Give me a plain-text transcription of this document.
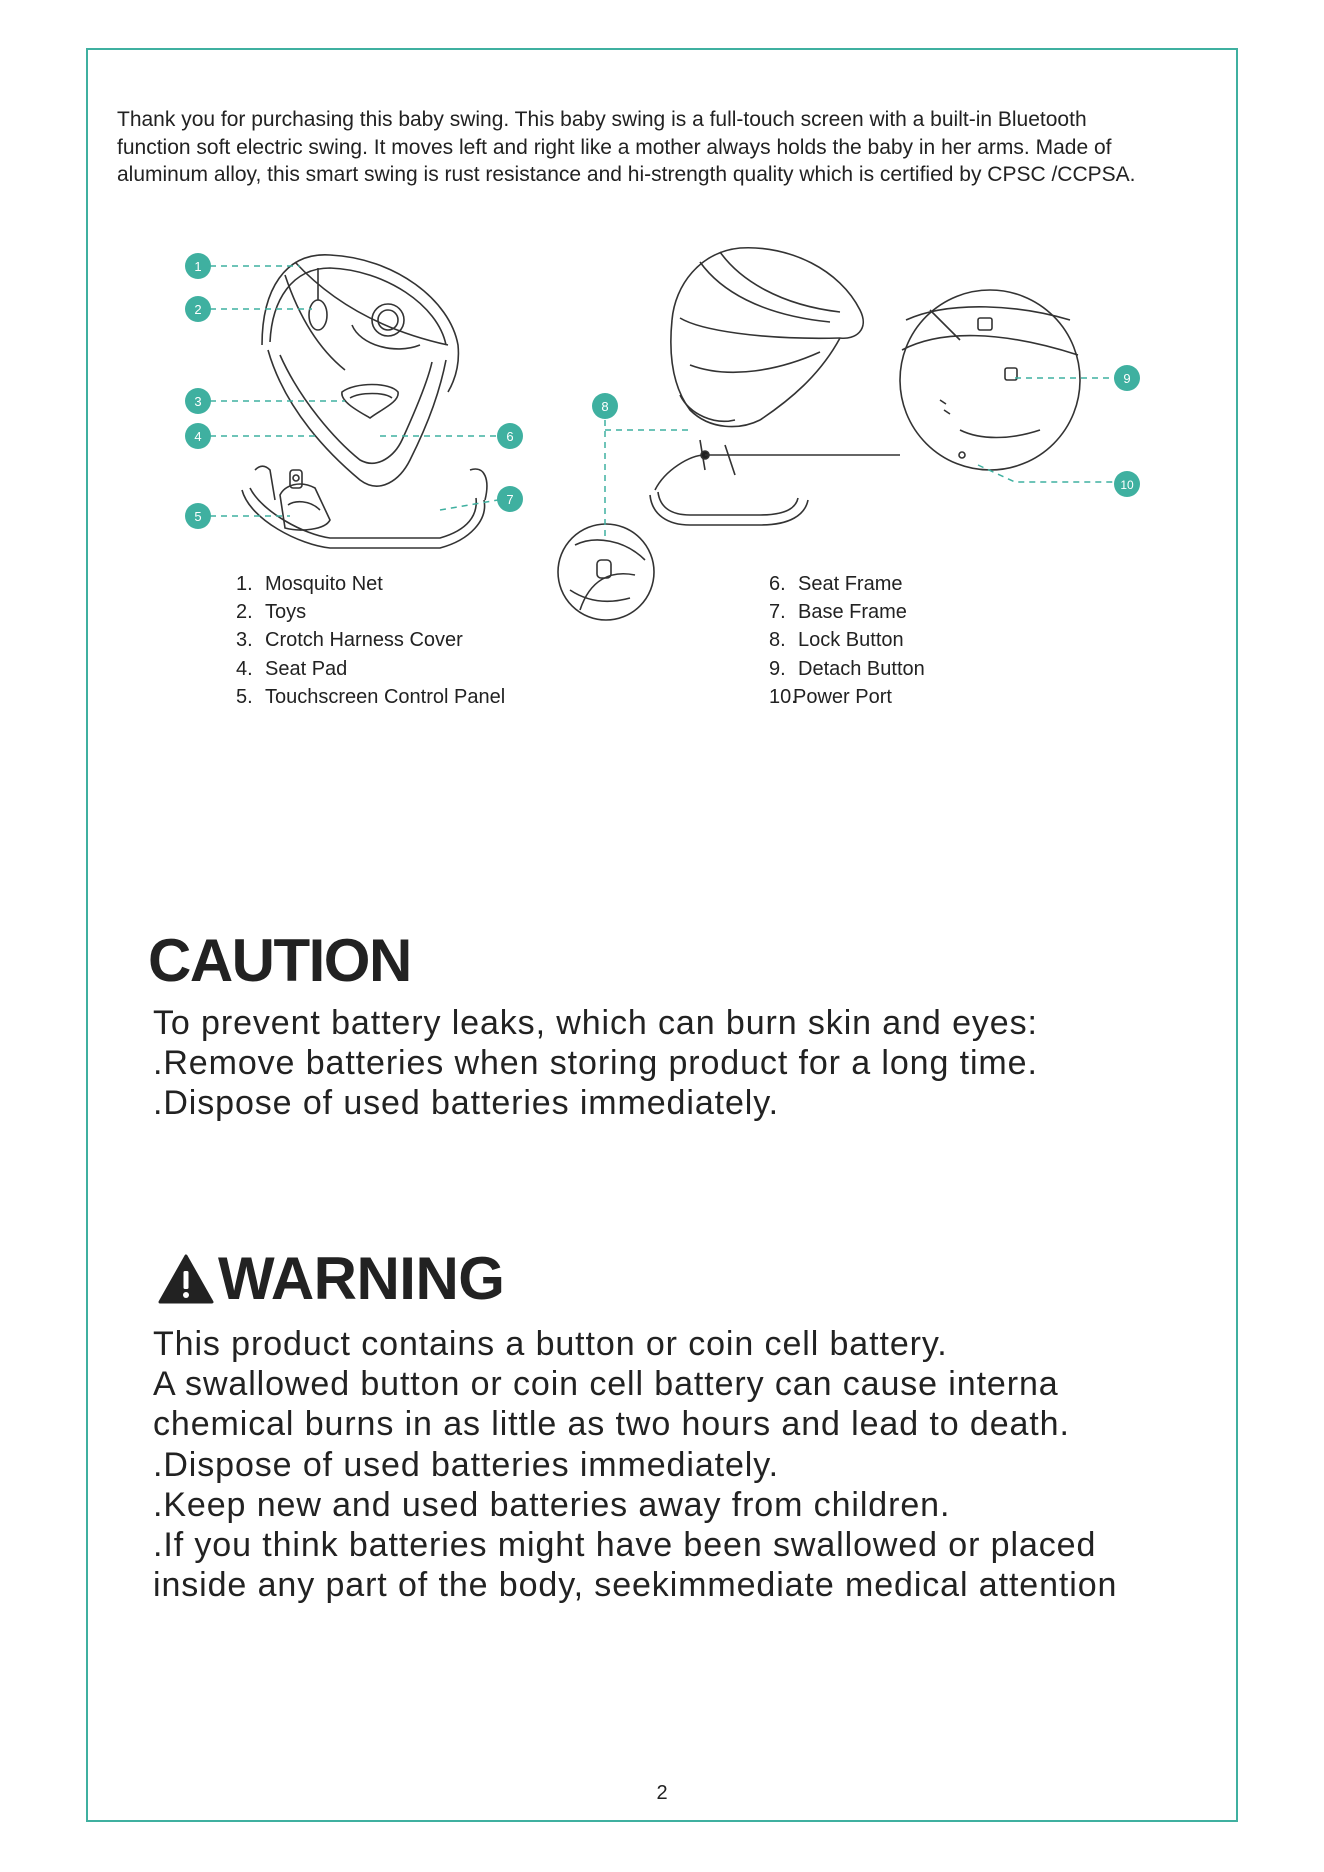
Thank you for purchasing this baby swing. This baby swing is a full-touch screen with a built-in Bluetooth
function soft electric swing. It moves left and right like a mother always holds the baby in her arms. Made of
aluminum alloy, this smart swing is rust resistance and hi-strength quality which is certified by CPSC /CCPSA.

1
2
3
4
5
6
7
8
9
10
1. Mosquito Net
2. Toys
3. Crotch Harness Cover
4. Seat Pad
5. Touchscreen Control Panel
6. Seat Frame
7. Base Frame
8. Lock Button
9. Detach Button
10.Power Port
CAUTION

To prevent battery leaks, which can burn skin and eyes:
.Remove batteries when storing product for a long time.
.Dispose of used batteries immediately.

WARNING

This product contains a button or coin cell battery.
A swallowed button or coin cell battery can cause interna
chemical burns in as little as two hours and lead to death.
.Dispose of used batteries immediately.
.Keep new and used batteries away from children.
.If you think batteries might have been swallowed or placed
inside any part of the body, seekimmediate medical attention

2
